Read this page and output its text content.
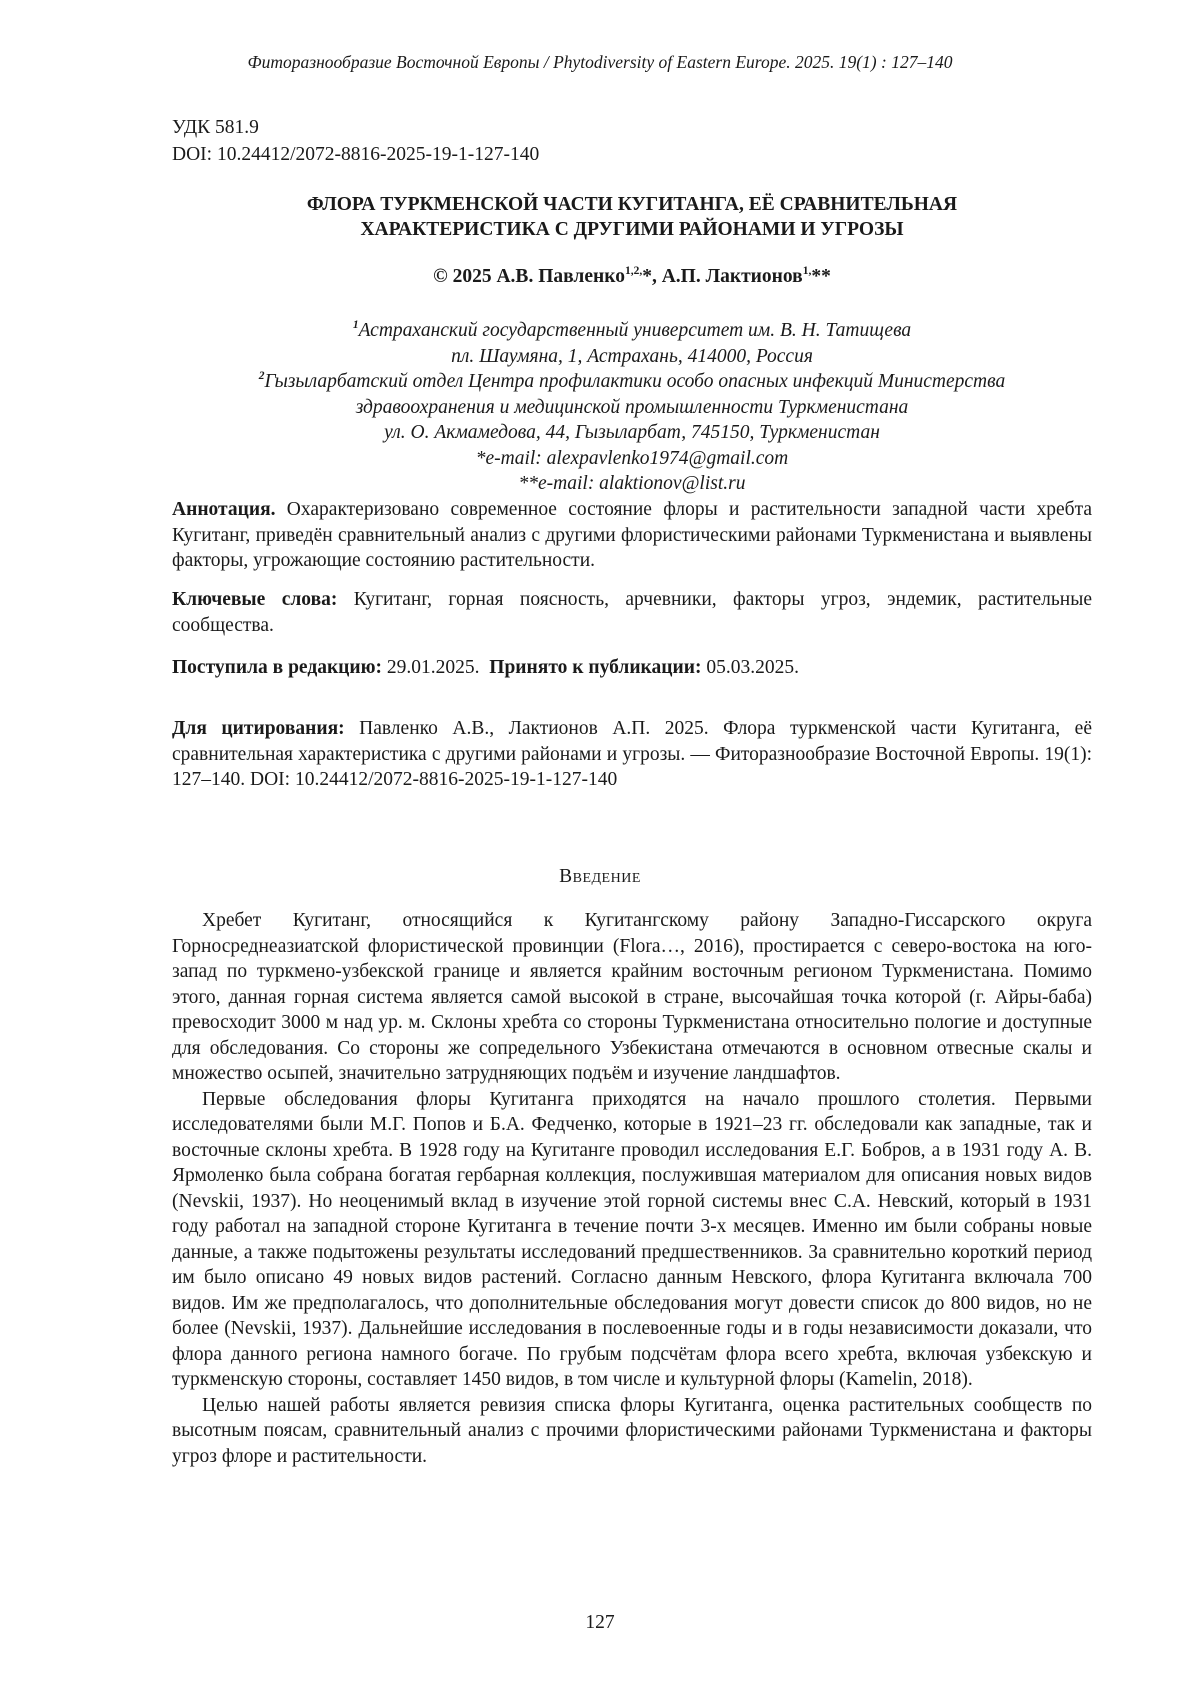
Фиторазнообразие Восточной Европы / Phytodiversity of Eastern Europe. 2025. 19(1) : 127–140
УДК 581.9
DOI: 10.24412/2072-8816-2025-19-1-127-140
ФЛОРА ТУРКМЕНСКОЙ ЧАСТИ КУГИТАНГА, ЕЁ СРАВНИТЕЛЬНАЯ
ХАРАКТЕРИСТИКА С ДРУГИМИ РАЙОНАМИ И УГРОЗЫ
© 2025 А.В. Павленко1,2,*, А.П. Лактионов1,**
1Астраханский государственный университет им. В. Н. Татищева
пл. Шаумяна, 1, Астрахань, 414000, Россия
2Гызыларбатский отдел Центра профилактики особо опасных инфекций Министерства
здравоохранения и медицинской промышленности Туркменистана
ул. О. Акмамедова, 44, Гызыларбат, 745150, Туркменистан
*e-mail: alexpavlenko1974@gmail.com
**e-mail: alaktionov@list.ru
Аннотация. Охарактеризовано современное состояние флоры и растительности западной части хребта Кугитанг, приведён сравнительный анализ с другими флористическими районами Туркменистана и выявлены факторы, угрожающие состоянию растительности.
Ключевые слова: Кугитанг, горная поясность, арчевники, факторы угроз, эндемик, растительные сообщества.
Поступила в редакцию: 29.01.2025. Принято к публикации: 05.03.2025.
Для цитирования: Павленко А.В., Лактионов А.П. 2025. Флора туркменской части Кугитанга, её сравнительная характеристика с другими районами и угрозы. — Фиторазнообразие Восточной Европы. 19(1): 127–140. DOI: 10.24412/2072-8816-2025-19-1-127-140
Введение

Хребет Кугитанг, относящийся к Кугитангскому району Западно-Гиссарского округа Горносреднеазиатской флористической провинции (Flora…, 2016), простирается с северо-востока на юго-запад по туркмено-узбекской границе и является крайним восточным регионом Туркменистана. Помимо этого, данная горная система является самой высокой в стране, высочайшая точка которой (г. Айры-баба) превосходит 3000 м над ур. м. Склоны хребта со стороны Туркменистана относительно пологие и доступные для обследования. Со стороны же сопредельного Узбекистана отмечаются в основном отвесные скалы и множество осыпей, значительно затрудняющих подъём и изучение ландшафтов.

Первые обследования флоры Кугитанга приходятся на начало прошлого столетия. Первыми исследователями были М.Г. Попов и Б.А. Федченко, которые в 1921–23 гг. обследовали как западные, так и восточные склоны хребта. В 1928 году на Кугитанге проводил исследования Е.Г. Бобров, а в 1931 году А. В. Ярмоленко была собрана богатая гербарная коллекция, послужившая материалом для описания новых видов (Nevskii, 1937). Но неоценимый вклад в изучение этой горной системы внес С.А. Невский, который в 1931 году работал на западной стороне Кугитанга в течение почти 3-х месяцев. Именно им были собраны новые данные, а также подытожены результаты исследований предшественников. За сравнительно короткий период им было описано 49 новых видов растений. Согласно данным Невского, флора Кугитанга включала 700 видов. Им же предполагалось, что дополнительные обследования могут довести список до 800 видов, но не более (Nevskii, 1937). Дальнейшие исследования в послевоенные годы и в годы независимости доказали, что флора данного региона намного богаче. По грубым подсчётам флора всего хребта, включая узбекскую и туркменскую стороны, составляет 1450 видов, в том числе и культурной флоры (Kamelin, 2018).

Целью нашей работы является ревизия списка флоры Кугитанга, оценка растительных сообществ по высотным поясам, сравнительный анализ с прочими флористическими районами Туркменистана и факторы угроз флоре и растительности.

127
